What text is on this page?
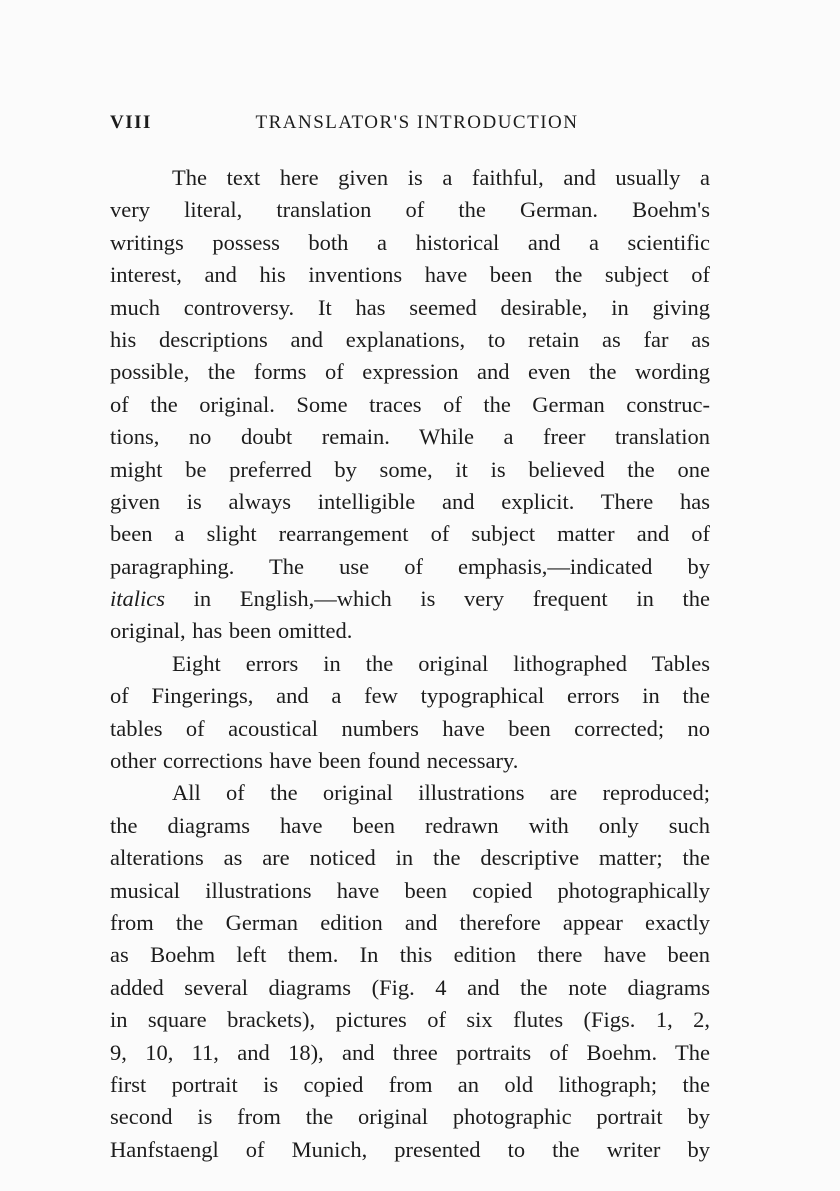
VIII	TRANSLATOR'S INTRODUCTION
The text here given is a faithful, and usually a
very literal, translation of the German. Boehm's
writings possess both a historical and a scientific
interest, and his inventions have been the subject of
much controversy. It has seemed desirable, in giving
his descriptions and explanations, to retain as far as
possible, the forms of expression and even the wording
of the original. Some traces of the German construc-
tions, no doubt remain. While a freer translation
might be preferred by some, it is believed the one
given is always intelligible and explicit. There has
been a slight rearrangement of subject matter and of
paragraphing. The use of emphasis,—indicated by
italics in English,—which is very frequent in the
original, has been omitted.
Eight errors in the original lithographed Tables
of Fingerings, and a few typographical errors in the
tables of acoustical numbers have been corrected; no
other corrections have been found necessary.
All of the original illustrations are reproduced;
the diagrams have been redrawn with only such
alterations as are noticed in the descriptive matter; the
musical illustrations have been copied photographically
from the German edition and therefore appear exactly
as Boehm left them. In this edition there have been
added several diagrams (Fig. 4 and the note diagrams
in square brackets), pictures of six flutes (Figs. 1, 2,
9, 10, 11, and 18), and three portraits of Boehm. The
first portrait is copied from an old lithograph; the
second is from the original photographic portrait by
Hanfstaengl of Munich, presented to the writer by
